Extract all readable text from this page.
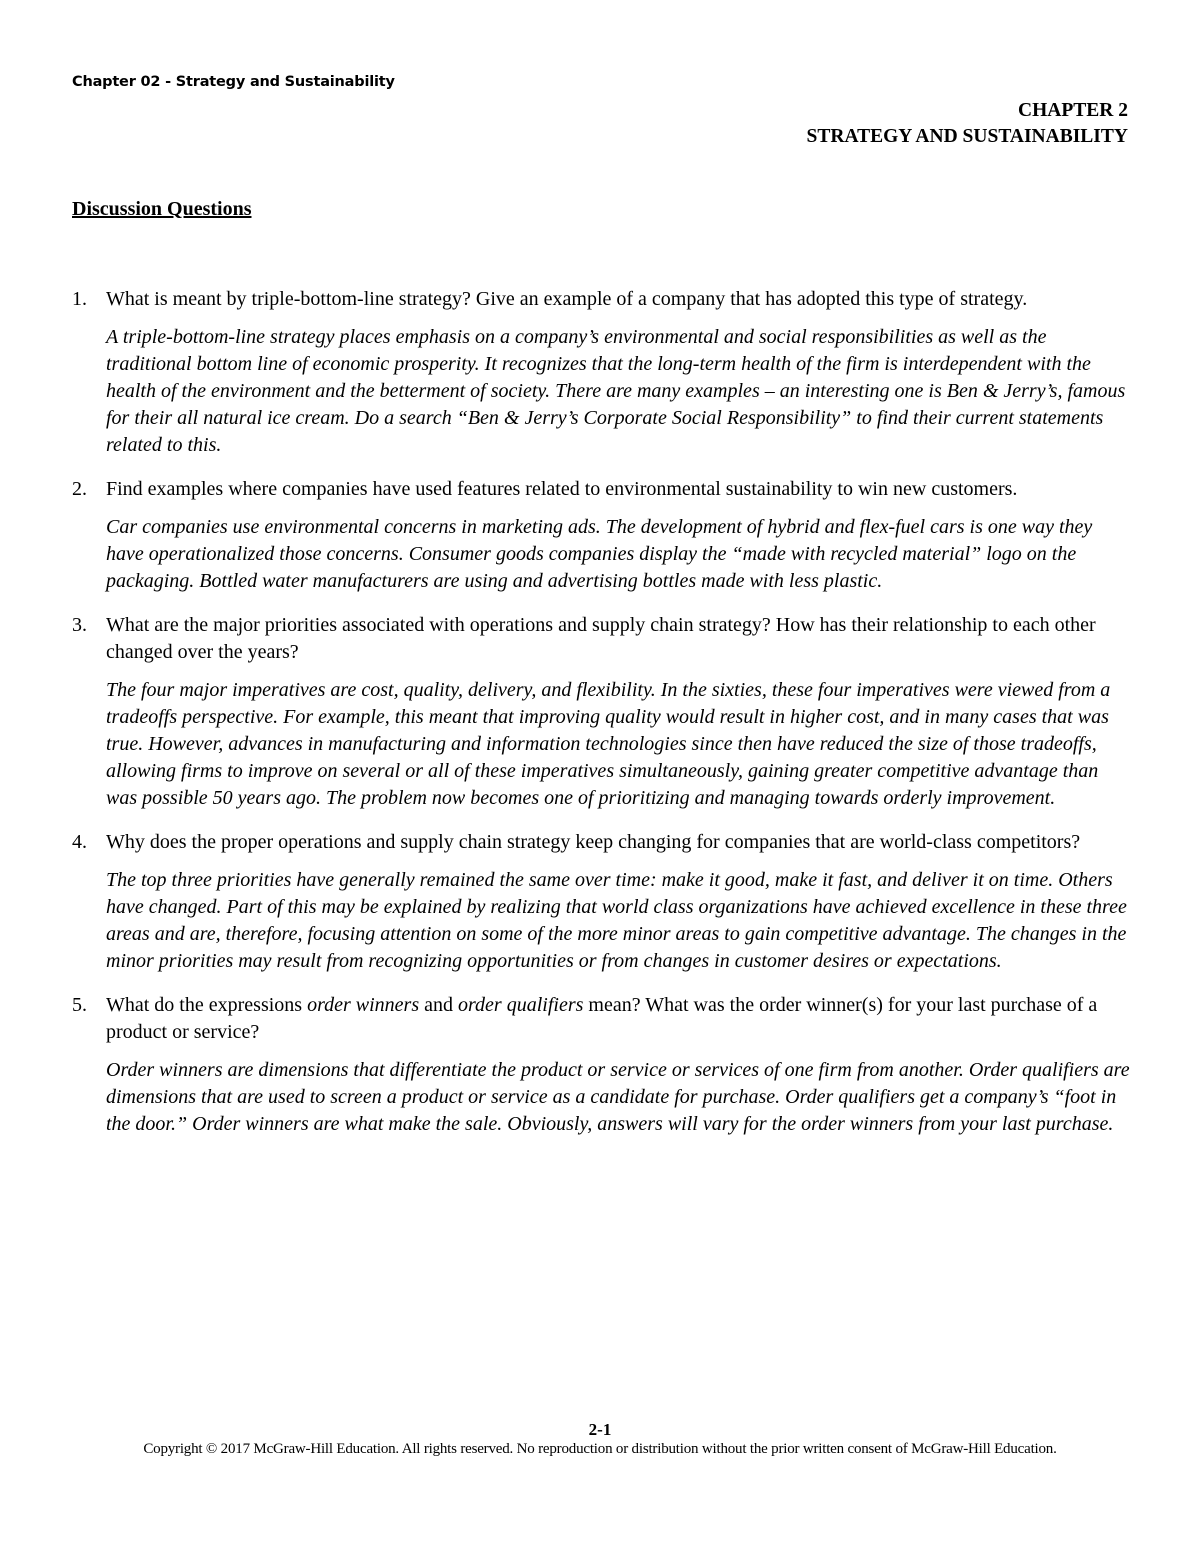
Chapter 02 - Strategy and Sustainability
CHAPTER 2
STRATEGY AND SUSTAINABILITY
Discussion Questions
1. What is meant by triple-bottom-line strategy? Give an example of a company that has adopted this type of strategy.

A triple-bottom-line strategy places emphasis on a company’s environmental and social responsibilities as well as the traditional bottom line of economic prosperity. It recognizes that the long-term health of the firm is interdependent with the health of the environment and the betterment of society. There are many examples – an interesting one is Ben & Jerry’s, famous for their all natural ice cream. Do a search “Ben & Jerry’s Corporate Social Responsibility” to find their current statements related to this.

2. Find examples where companies have used features related to environmental sustainability to win new customers.

Car companies use environmental concerns in marketing ads. The development of hybrid and flex-fuel cars is one way they have operationalized those concerns. Consumer goods companies display the “made with recycled material” logo on the packaging. Bottled water manufacturers are using and advertising bottles made with less plastic.

3. What are the major priorities associated with operations and supply chain strategy? How has their relationship to each other changed over the years?

The four major imperatives are cost, quality, delivery, and flexibility. In the sixties, these four imperatives were viewed from a tradeoffs perspective. For example, this meant that improving quality would result in higher cost, and in many cases that was true. However, advances in manufacturing and information technologies since then have reduced the size of those tradeoffs, allowing firms to improve on several or all of these imperatives simultaneously, gaining greater competitive advantage than was possible 50 years ago. The problem now becomes one of prioritizing and managing towards orderly improvement.

4. Why does the proper operations and supply chain strategy keep changing for companies that are world-class competitors?

The top three priorities have generally remained the same over time: make it good, make it fast, and deliver it on time. Others have changed. Part of this may be explained by realizing that world class organizations have achieved excellence in these three areas and are, therefore, focusing attention on some of the more minor areas to gain competitive advantage. The changes in the minor priorities may result from recognizing opportunities or from changes in customer desires or expectations.

5. What do the expressions order winners and order qualifiers mean? What was the order winner(s) for your last purchase of a product or service?

Order winners are dimensions that differentiate the product or service or services of one firm from another. Order qualifiers are dimensions that are used to screen a product or service as a candidate for purchase. Order qualifiers get a company’s “foot in the door.” Order winners are what make the sale. Obviously, answers will vary for the order winners from your last purchase.

2-1
Copyright © 2017 McGraw-Hill Education. All rights reserved. No reproduction or distribution without the prior written consent of McGraw-Hill Education.
